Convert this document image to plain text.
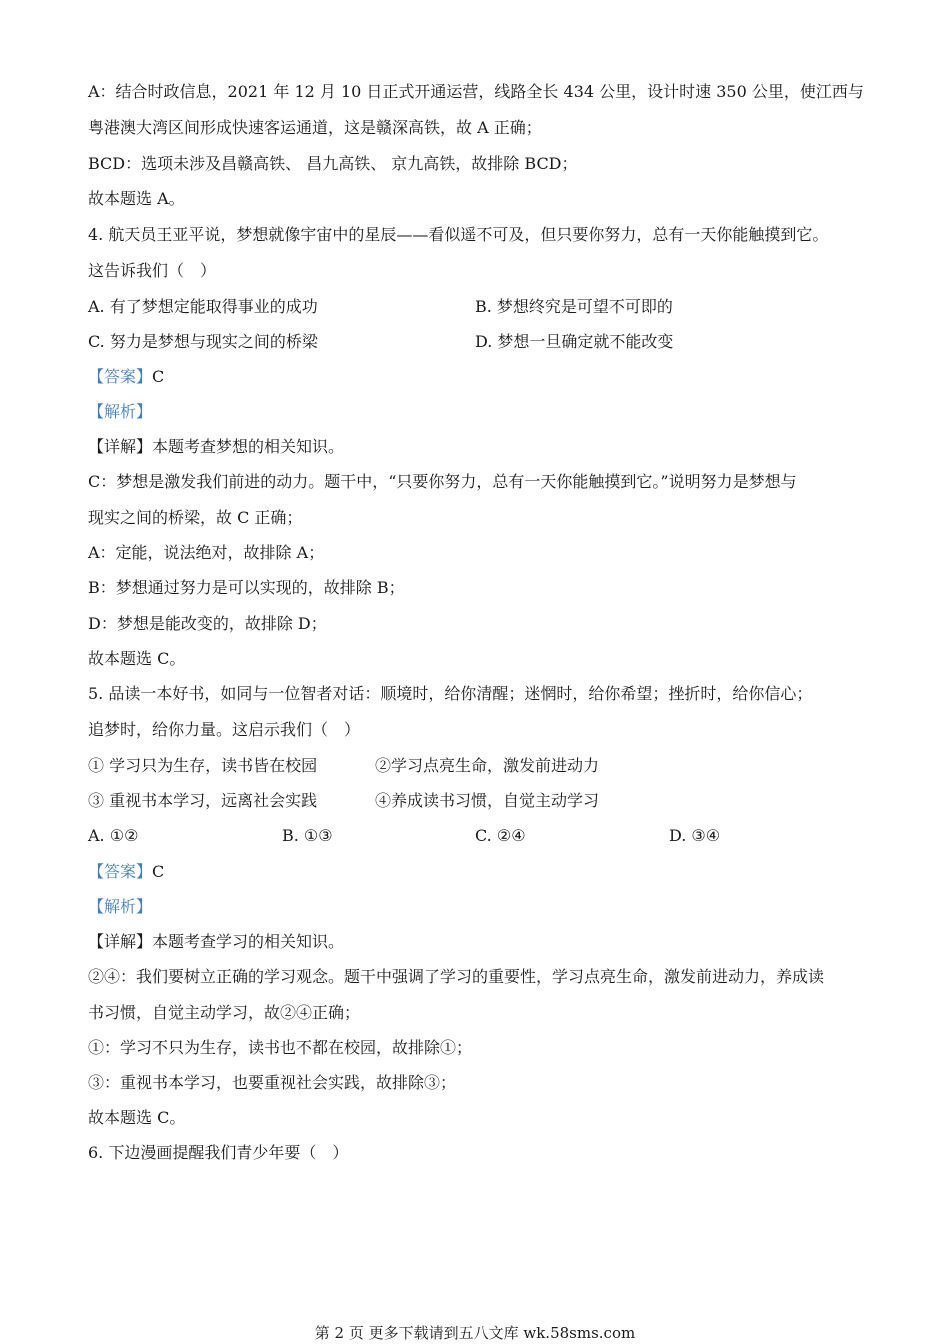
A：结合时政信息，2021 年 12 月 10 日正式开通运营，线路全长 434 公里，设计时速 350 公里，使江西与
粤港澳大湾区间形成快速客运通道，这是赣深高铁，故 A 正确；
BCD：选项未涉及昌赣高铁、 昌九高铁、 京九高铁，故排除 BCD；
故本题选 A。
4. 航天员王亚平说，梦想就像宇宙中的星辰——看似遥不可及，但只要你努力，总有一天你能触摸到它。
这告诉我们（　）
A. 有了梦想定能取得事业的成功	B. 梦想终究是可望不可即的
C. 努力是梦想与现实之间的桥梁	D. 梦想一旦确定就不能改变
【答案】C
【解析】
【详解】本题考查梦想的相关知识。
C：梦想是激发我们前进的动力。题干中，“只要你努力，总有一天你能触摸到它。”说明努力是梦想与
现实之间的桥梁，故 C 正确；
A：定能，说法绝对，故排除 A；
B：梦想通过努力是可以实现的，故排除 B；
D：梦想是能改变的，故排除 D；
故本题选 C。
5. 品读一本好书，如同与一位智者对话：顺境时，给你清醒；迷惘时，给你希望；挫折时，给你信心；
追梦时，给你力量。这启示我们（　）
① 学习只为生存，读书皆在校园	②学习点亮生命，激发前进动力
③ 重视书本学习，远离社会实践	④养成读书习惯，自觉主动学习
A. ①②	B. ①③	C. ②④	D. ③④
【答案】C
【解析】
【详解】本题考查学习的相关知识。
②④：我们要树立正确的学习观念。题干中强调了学习的重要性，学习点亮生命，激发前进动力，养成读
书习惯，自觉主动学习，故②④正确；
①：学习不只为生存，读书也不都在校园，故排除①；
③：重视书本学习，也要重视社会实践，故排除③；
故本题选 C。
6. 下边漫画提醒我们青少年要（　）
第 2 页 更多下载请到五八文库 wk.58sms.com
